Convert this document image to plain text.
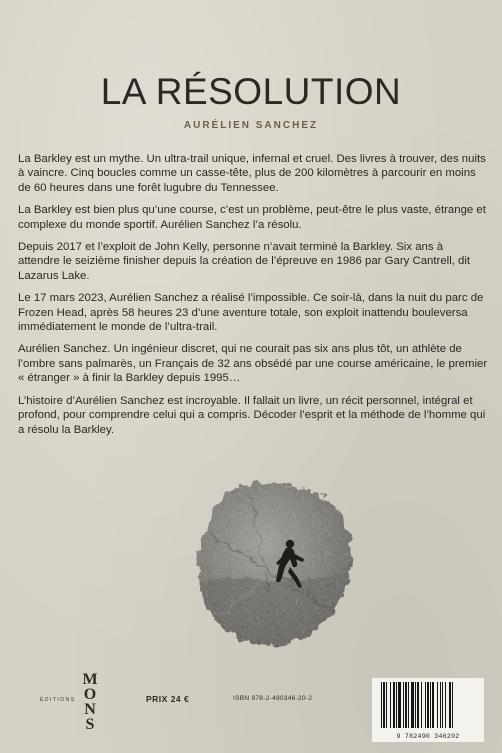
LA RÉSOLUTION
AURÉLIEN SANCHEZ

La Barkley est un mythe. Un ultra-trail unique, infernal et cruel. Des livres à trouver, des nuits à vaincre. Cinq boucles comme un casse-tête, plus de 200 kilomètres à parcourir en moins de 60 heures dans une forêt lugubre du Tennessee.

La Barkley est bien plus qu’une course, c’est un problème, peut-être le plus vaste, étrange et complexe du monde sportif. Aurélien Sanchez l’a résolu.

Depuis 2017 et l’exploit de John Kelly, personne n’avait terminé la Barkley. Six ans à attendre le seizième finisher depuis la création de l’épreuve en 1986 par Gary Cantrell, dit Lazarus Lake.

Le 17 mars 2023, Aurélien Sanchez a réalisé l’impossible. Ce soir-là, dans la nuit du parc de Frozen Head, après 58 heures 23 d’une aventure totale, son exploit inattendu bouleversa immédiatement le monde de l’ultra-trail.

Aurélien Sanchez. Un ingénieur discret, qui ne courait pas six ans plus tôt, un athlète de l’ombre sans palmarès, un Français de 32 ans obsédé par une course américaine, le premier « étranger » à finir la Barkley depuis 1995…

L’histoire d’Aurélien Sanchez est incroyable. Il fallait un livre, un récit personnel, intégral et profond, pour comprendre celui qui a compris. Décoder l’esprit et la méthode de l’homme qui a résolu la Barkley.

ÉDITIONS
M
O
N
S
PRIX 24 €	ISBN 978-2-490346-20-2
9 782490 346202
